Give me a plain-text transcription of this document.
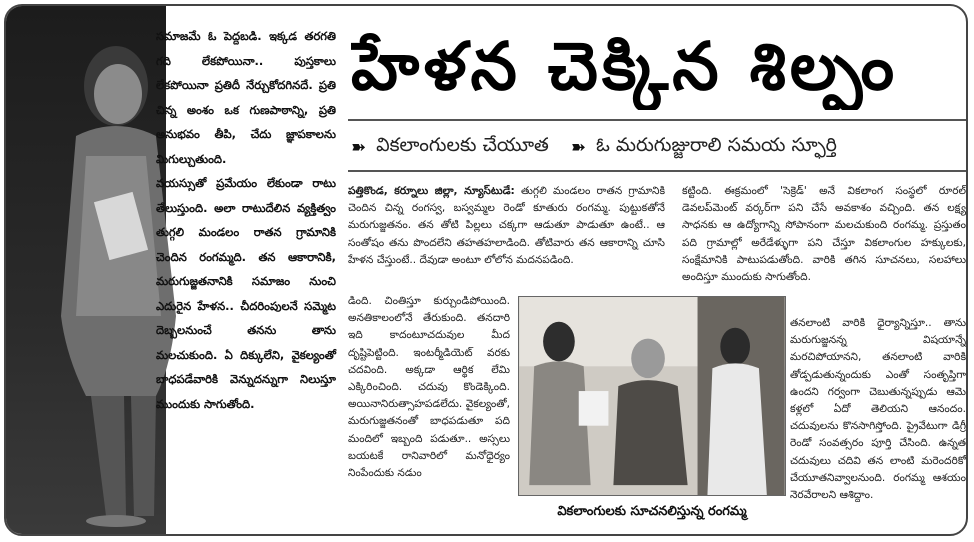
సమాజమే ఓ పెద్దబడి. ఇక్కడ తరగతి గది లేకపోయినా.. పుస్తకాలు లేకపోయినా ప్రతిదీ నేర్చుకోదగినదే. ప్రతి చిన్న అంశం ఒక గుణపాఠాన్ని, ప్రతి అనుభవం తీపి, చేదు జ్ఞాపకాలను మిగుల్చుతుంది.

వయస్సుతో ప్రమేయం లేకుండా రాటు తేలుస్తుంది. అలా రాటుదేలిన వ్యక్తిత్వం తుగ్గలి మండలం రాతన గ్రామానికి చెందిన రంగమ్మది. తన ఆకారానికి, మరుగుజ్జతనానికి సమాజం నుంచి ఎదురైన హేళన.. చీదరింపులనే సమ్మెట దెబ్బలనుంచే తనను తాను మలచుకుంది. ఏ దిక్కులేని, వైకల్యంతో బాధపడేవారికి వెన్నుదన్నుగా నిలుస్తూ ముందుకు సాగుతోంది.

హేళన చెక్కిన శిల్పం
➽ వికలాంగులకు చేయూత ➽ ఓ మరుగుజ్జురాలి సమయ స్ఫూర్తి
పత్తికొండ, కర్నూలు జిల్లా, న్యూస్‌టుడే: తుగ్గలి మండలం రాతన గ్రామానికి చెందిన చిన్న రంగస్వ, బస్వమ్మల రెండో కూతురు రంగమ్మ. పుట్టుకతోనే మరుగుజ్జతనం. తన తోటి పిల్లలు చక్కగా ఆడుతూ పాడుతూ ఉంటే.. ఆ సంతోషం తను పొందలేని తహతహలాడింది. తోటివారు తన ఆకారాన్ని చూసి హేళన చేస్తుంటే.. దేవుడా అంటూ లోలోన మదనపడింది.
డింది. చింతిస్తూ కుర్చుండిపోయింది. అనతికాలంలోనే తేరుకుంది. తనదారి ఇది కాదంటూచదువుల మీద దృష్టిపెట్టింది. ఇంటర్మీడియెట్ వరకు చదవింది. అక్కడా ఆర్థిక లేమి ఎక్కిరించింది. చదువు కొండెక్కింది. అయినానిరుత్సాహపడలేదు. వైకల్యంతో, మరుగుజ్జతనంతో బాధపడుతూ పది మందిలో ఇబ్బంది పడుతూ.. అస్సలు బయటకే రానివారిలో మనోధైర్యం నింపేందుకు నడుం
కట్టింది. ఈక్రమంలో 'సెక్రెడ్' అనే వికలాంగ సంస్థలో రూరల్ డెవలప్‌మెంట్ వర్కర్‌గా పని చేసే అవకాశం వచ్చింది. తన లక్ష్య సాధనకు ఆ ఉద్యోగాన్ని సోపానంగా మలచుకుంది రంగమ్మ. ప్రస్తుతం పది గ్రామాల్లో అరేడేళ్ళుగా పని చేస్తూ వికలాంగుల హక్కులకు, సంక్షేమానికి పాటుపడుతోంది. వారికి తగిన సూచనలు, సలహాలు అందిస్తూ ముందుకు సాగుతోంది.
తనలాంటి వారికి ధైర్యాన్నిస్తూ.. తాను మరుగుజ్జనన్న విషయాన్నే మరచిపోయానని, తనలాంటి వారికి తోడ్పడుతున్నందుకు ఎంతో సంతృప్తిగా ఉందని గర్వంగా చెబుతున్నప్పుడు ఆమె కళ్లలో ఏదో తెలియని ఆనందం. చదువులను కొనసాగిస్తోంది. ప్రైవేటుగా డిగ్రీ రెండో సంవత్సరం పూర్తి చేసింది. ఉన్నత చదువులు చదివి తన లాంటి మరెందరికో చేయూతనివ్వాలనుంది. రంగమ్మ ఆశయం నెరవేరాలని ఆశిద్దాం.
వికలాంగులకు సూచనలిస్తున్న రంగమ్మ
